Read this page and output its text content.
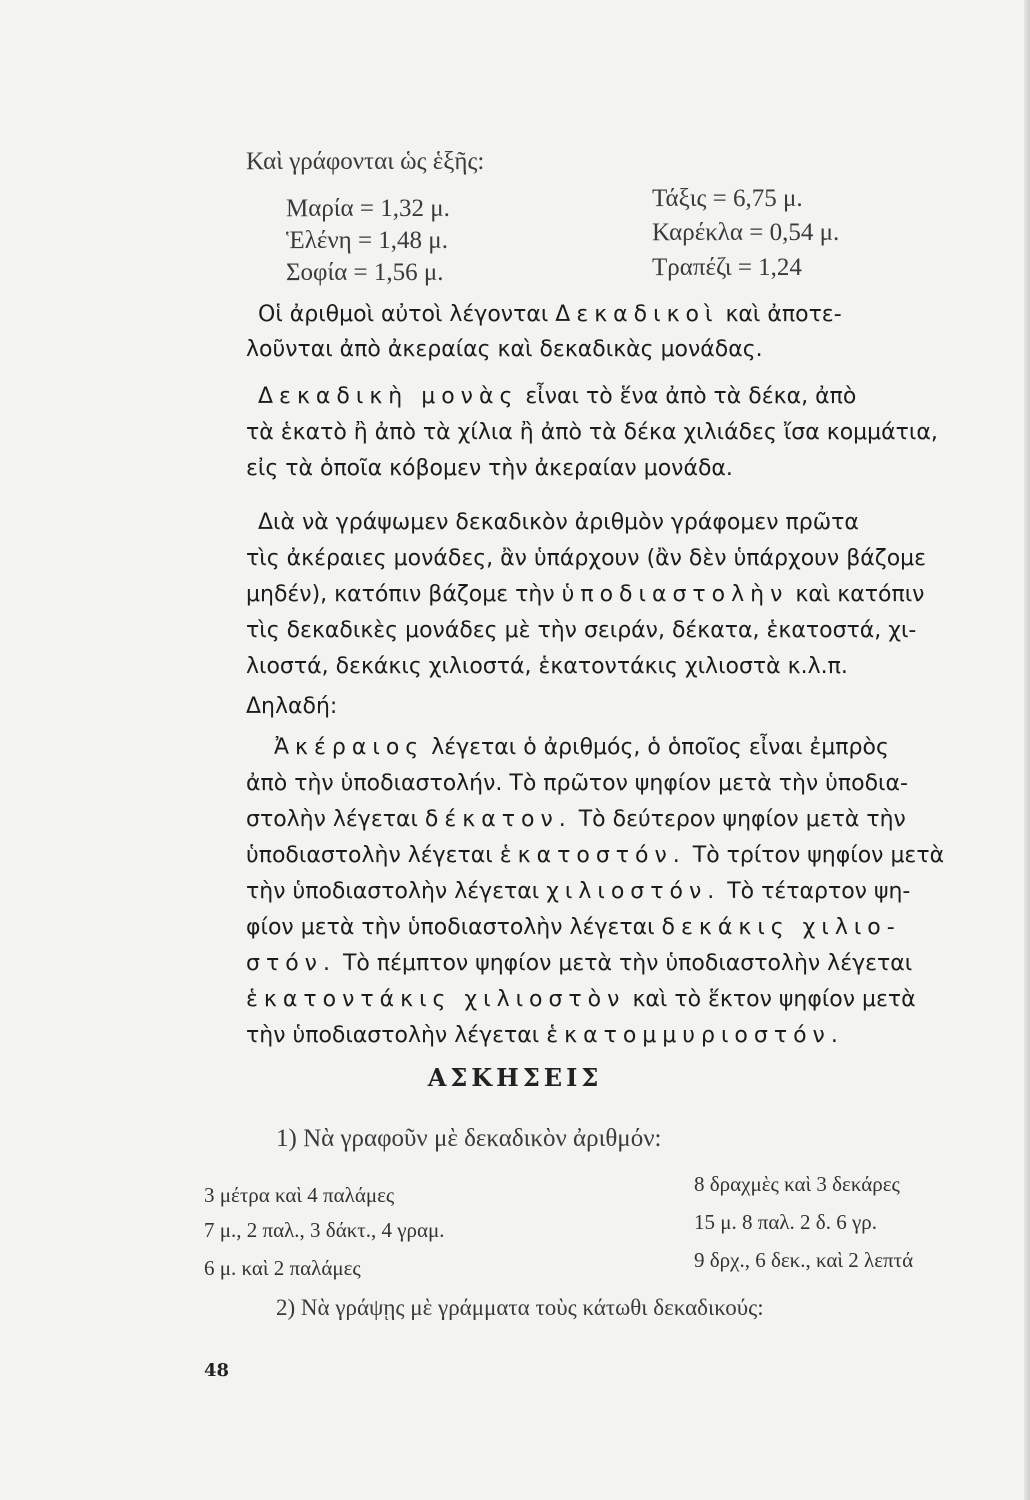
Καὶ γράφονται ὡς ἑξῆς:
Μαρία = 1,32 μ.
Ἑλένη = 1,48 μ.
Σοφία = 1,56 μ.
Τάξις = 6,75 μ.
Καρέκλα = 0,54 μ.
Τραπέζι = 1,24
Οἱ ἀριθμοὶ αὐτοὶ λέγονται Δεκαδικοὶ καὶ ἀποτε-
λοῦνται ἀπὸ ἀκεραίας καὶ δεκαδικὰς μονάδας.
Δεκαδικὴ μονὰς εἶναι τὸ ἕνα ἀπὸ τὰ δέκα, ἀπὸ
τὰ ἑκατὸ ἢ ἀπὸ τὰ χίλια ἢ ἀπὸ τὰ δέκα χιλιάδες ἴσα κομμάτια,
εἰς τὰ ὁποῖα κόβομεν τὴν ἀκεραίαν μονάδα.
Διὰ νὰ γράψωμεν δεκαδικὸν ἀριθμὸν γράφομεν πρῶτα
τὶς ἀκέραιες μονάδες, ἂν ὑπάρχουν (ἂν δὲν ὑπάρχουν βάζομε
μηδέν), κατόπιν βάζομε τὴν ὑποδιαστολὴν καὶ κατόπιν
τὶς δεκαδικὲς μονάδες μὲ τὴν σειράν, δέκατα, ἑκατοστά, χι-
λιοστά, δεκάκις χιλιοστά, ἑκατοντάκις χιλιοστὰ κ.λ.π.
Δηλαδή:
Ἀκέραιος λέγεται ὁ ἀριθμός, ὁ ὁποῖος εἶναι ἐμπρὸς
ἀπὸ τὴν ὑποδιαστολήν. Τὸ πρῶτον ψηφίον μετὰ τὴν ὑποδια-
στολὴν λέγεται δέκατον. Τὸ δεύτερον ψηφίον μετὰ τὴν
ὑποδιαστολὴν λέγεται ἑκατοστόν. Τὸ τρίτον ψηφίον μετὰ
τὴν ὑποδιαστολὴν λέγεται χιλιοστόν. Τὸ τέταρτον ψη-
φίον μετὰ τὴν ὑποδιαστολὴν λέγεται δεκάκις χιλιο-
στόν. Τὸ πέμπτον ψηφίον μετὰ τὴν ὑποδιαστολὴν λέγεται
ἑκατοντάκις χιλιοστὸν καὶ τὸ ἕκτον ψηφίον μετὰ
τὴν ὑποδιαστολὴν λέγεται ἑκατομμυριοστόν.
ΑΣΚΗΣΕΙΣ
1) Νὰ γραφοῦν μὲ δεκαδικὸν ἀριθμόν:
3 μέτρα καὶ 4 παλάμες
7 μ., 2 παλ., 3 δάκτ., 4 γραμ.
6 μ. καὶ 2 παλάμες
8 δραχμὲς καὶ 3 δεκάρες
15 μ. 8 παλ. 2 δ. 6 γρ.
9 δρχ., 6 δεκ., καὶ 2 λεπτά
2) Νὰ γράψῃς μὲ γράμματα τοὺς κάτωθι δεκαδικούς:
48
